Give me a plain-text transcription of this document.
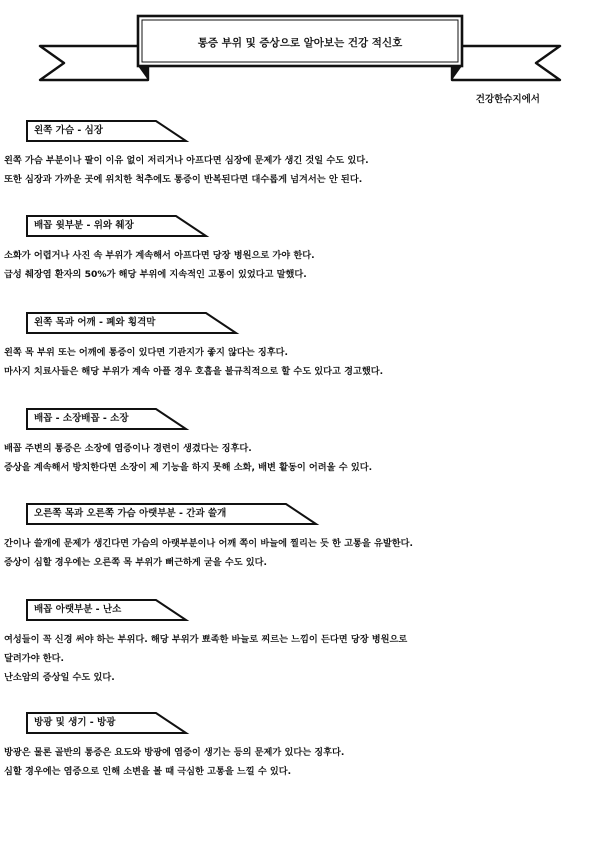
통증 부위 및 증상으로 알아보는 건강 적신호
건강한슈지에서
왼쪽 가슴 - 심장
왼쪽 가슴 부분이나 팔이 이유 없이 저리거나 아프다면 심장에 문제가 생긴 것일 수도 있다.
또한 심장과 가까운 곳에 위치한 척추에도 통증이 반복된다면 대수롭게 넘겨서는 안 된다.
배꼽 윗부분 - 위와 췌장
소화가 어렵거나 사진 속 부위가 계속해서 아프다면 당장 병원으로 가야 한다.
급성 췌장염 환자의 50%가 해당 부위에 지속적인 고통이 있었다고 말했다.
왼쪽 목과 어깨 - 폐와 횡격막
왼쪽 목 부위 또는 어깨에 통증이 있다면 기관지가 좋지 않다는 징후다.
마사지 치료사들은 해당 부위가 계속 아플 경우 호흡을 불규칙적으로 할 수도 있다고 경고했다.
배꼽 - 소장배꼽 - 소장
배꼽 주변의 통증은 소장에 염증이나 경련이 생겼다는 징후다.
증상을 계속해서 방치한다면 소장이 제 기능을 하지 못해 소화, 배변 활동이 어려울 수 있다.
오른쪽 목과 오른쪽 가슴 아랫부분 - 간과 쓸개
간이나 쓸개에 문제가 생긴다면 가슴의 아랫부분이나 어깨 쪽이 바늘에 찔리는 듯 한 고통을 유발한다.
증상이 심할 경우에는 오른쪽 목 부위가 뻐근하게 굳을 수도 있다.
배꼽 아랫부분 - 난소
여성들이 꼭 신경 써야 하는 부위다. 해당 부위가 뾰족한 바늘로 찌르는 느낌이 든다면 당장 병원으로
달려가야 한다.
난소암의 증상일 수도 있다.
방광 및 생기 - 방광
방광은 물론 골반의 통증은 요도와 방광에 염증이 생기는 등의 문제가 있다는 징후다.
심할 경우에는 염증으로 인해 소변을 볼 때 극심한 고통을 느낄 수 있다.
